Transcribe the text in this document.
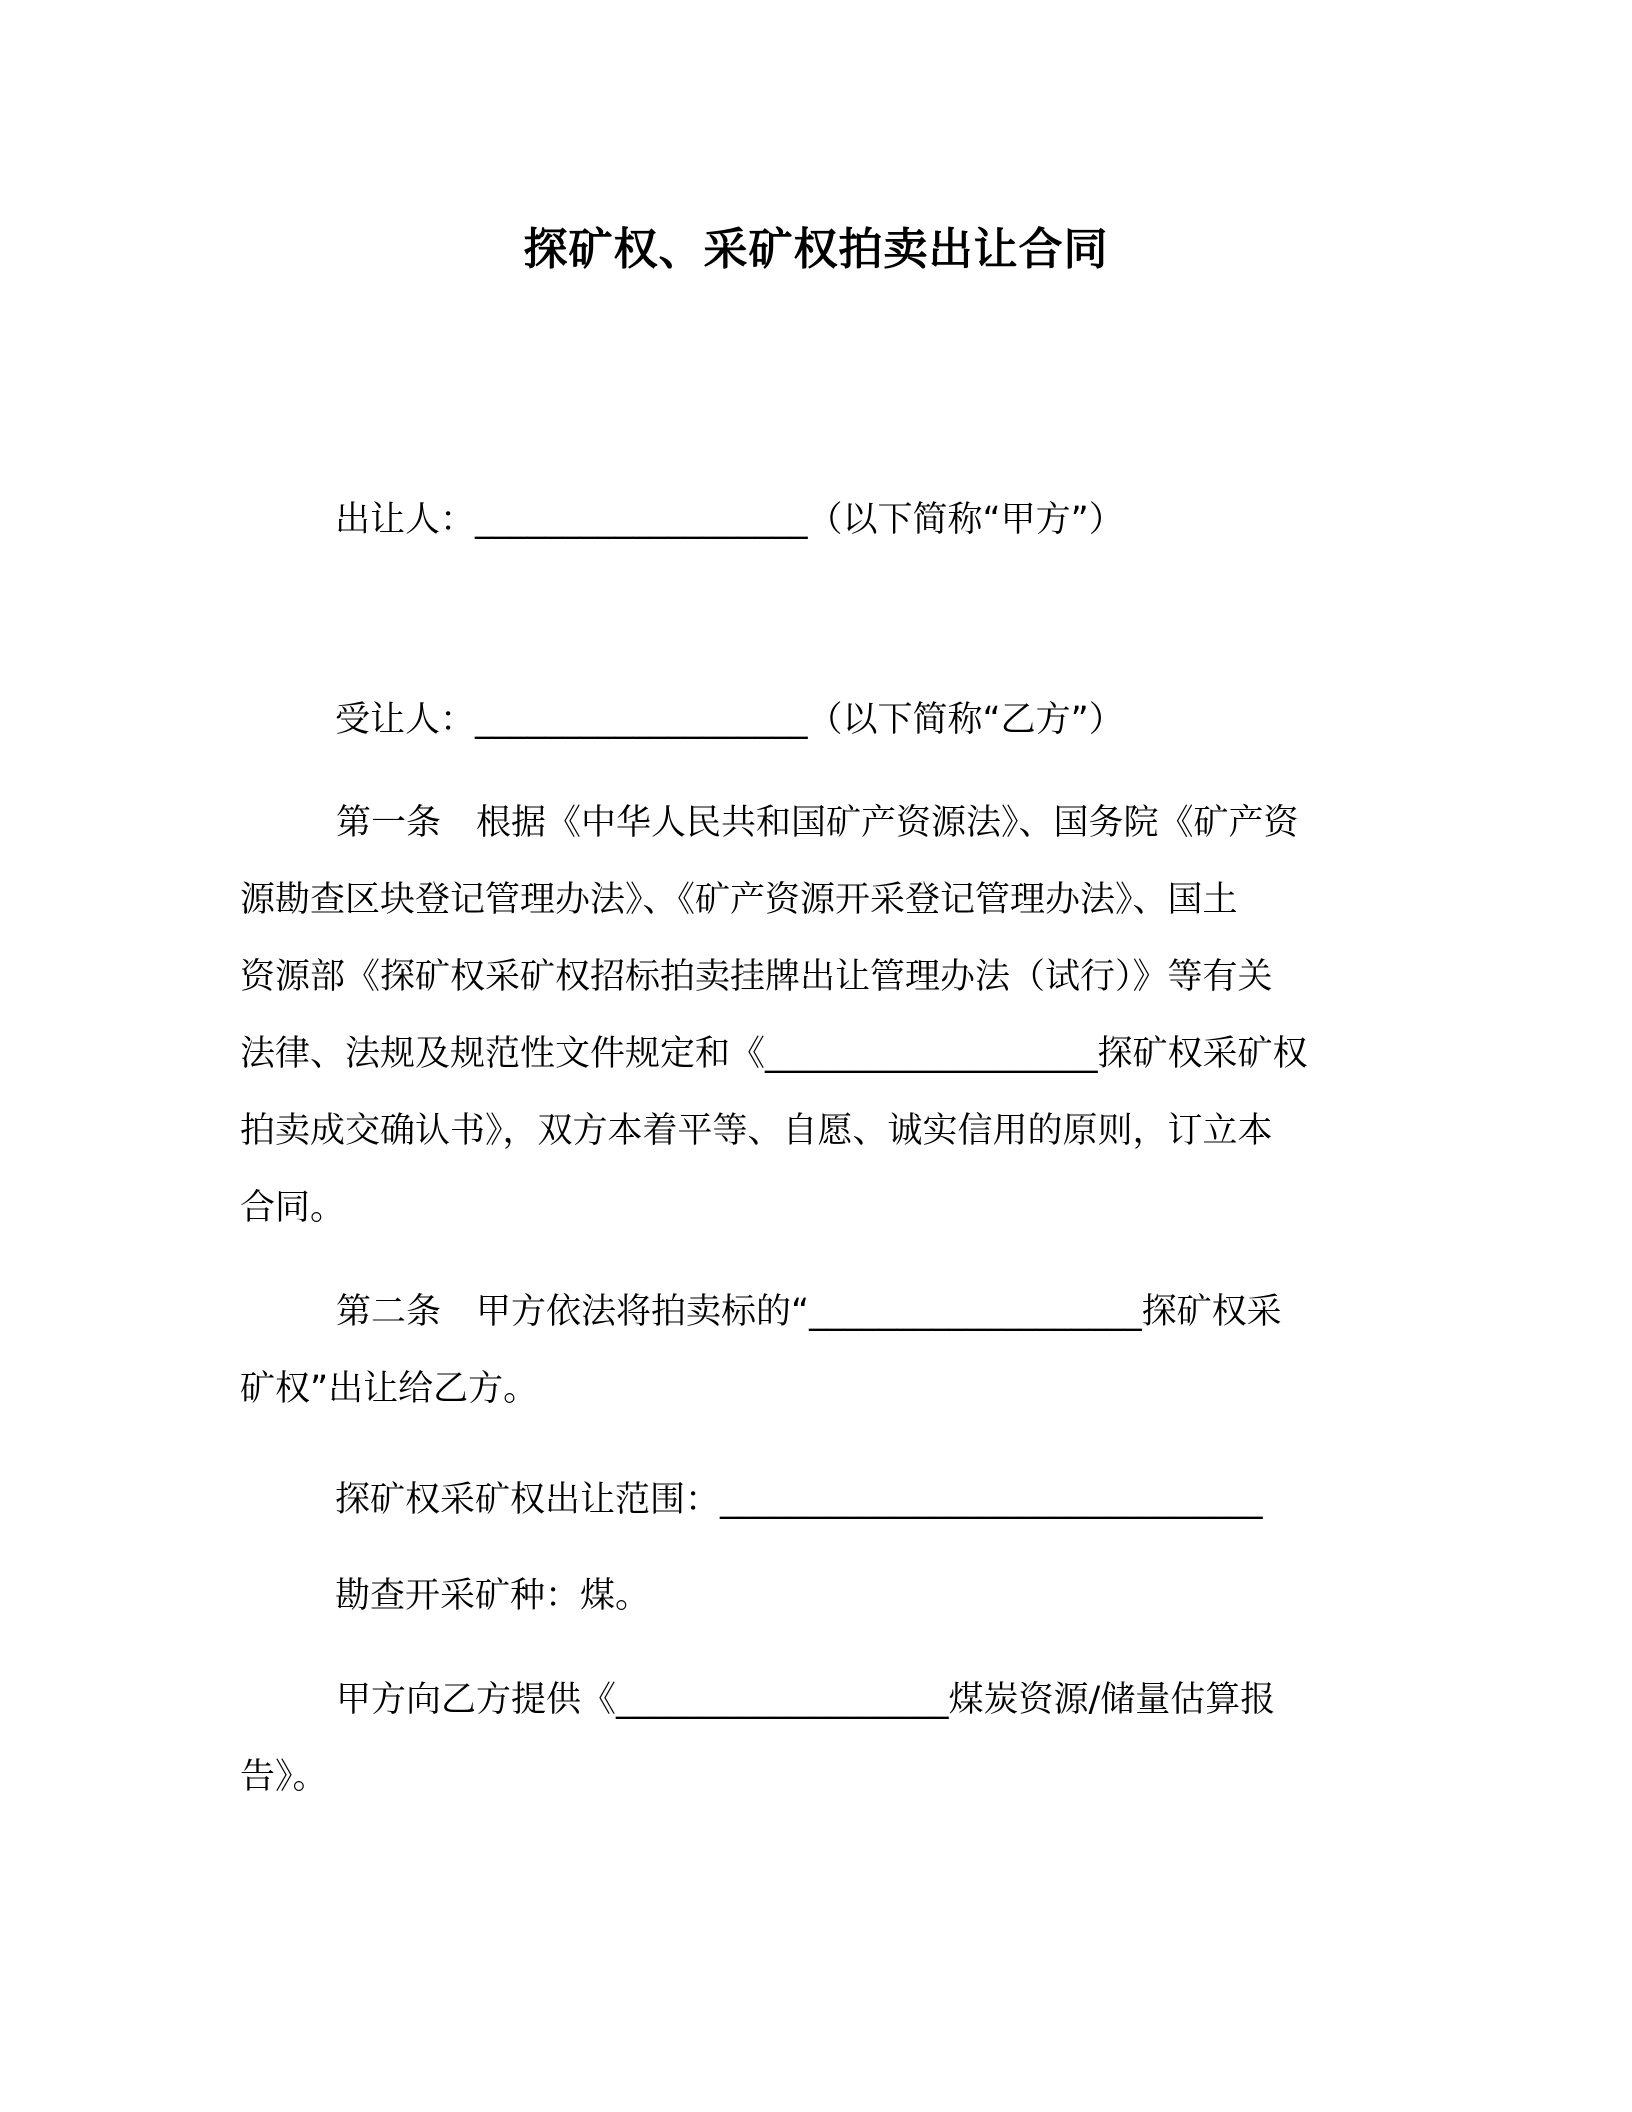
探矿权、采矿权拍卖出让合同
出让人：___________________（以下简称“甲方”）
受让人：___________________（以下简称“乙方”）
第一条　根据《中华人民共和国矿产资源法》、国务院《矿产资
源勘查区块登记管理办法》、《矿产资源开采登记管理办法》、国土
资源部《探矿权采矿权招标拍卖挂牌出让管理办法（试行）》等有关
法律、法规及规范性文件规定和《___________________探矿权采矿权
拍卖成交确认书》，双方本着平等、自愿、诚实信用的原则，订立本
合同。
第二条　甲方依法将拍卖标的“___________________探矿权采
矿权”出让给乙方。
探矿权采矿权出让范围：_______________________________
勘查开采矿种：煤。
甲方向乙方提供《___________________煤炭资源/储量估算报
告》。
